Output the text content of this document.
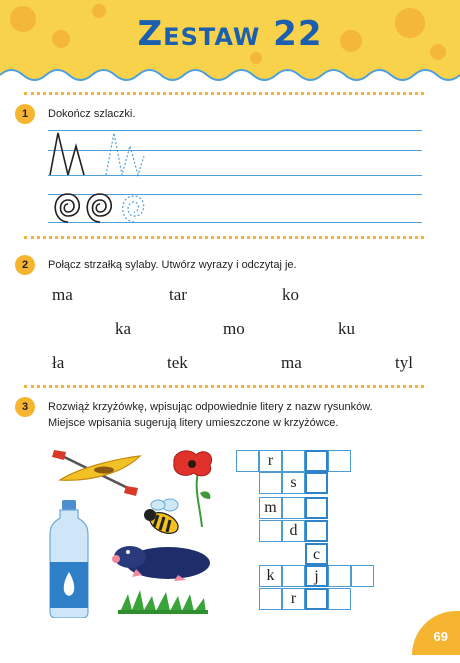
Zestaw 22
1	Dokończ szlaczki.
2	Połącz strzałką sylaby. Utwórz wyrazy i odczytaj je.
ma	tar	ko
ka	mo	ku
ła	tek	ma	tyl
3	Rozwiąż krzyżówkę, wpisując odpowiednie litery z nazw rysunków.
Miejsce wpisania sugerują litery umieszczone w krzyżówce.
r
s
m
d
c
k	j
r
69
